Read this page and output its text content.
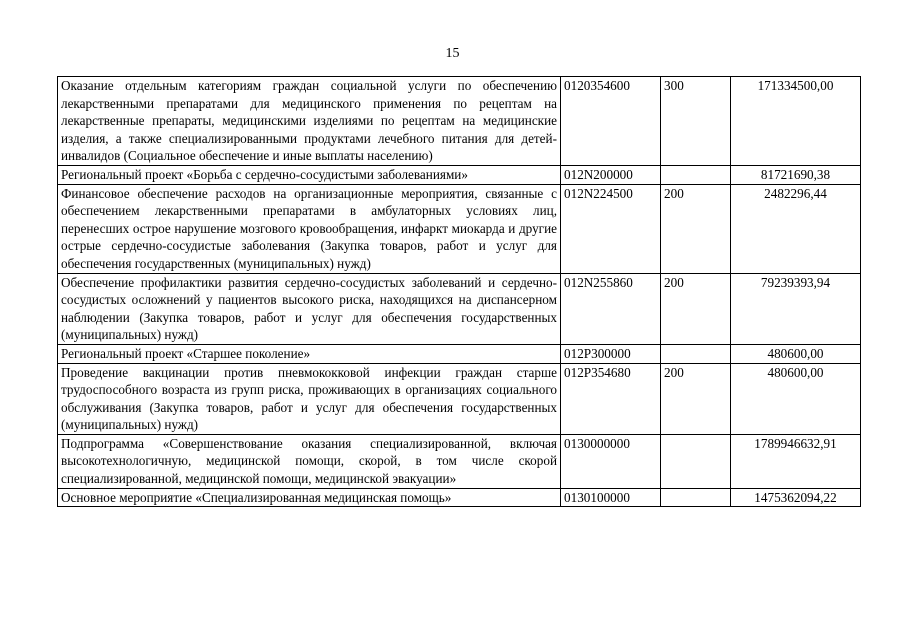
15
Оказание отдельным категориям граждан социальной услуги по обеспечению лекарственными препаратами для медицинского применения по рецептам на лекарственные препараты, медицинскими изделиями по рецептам на медицинские изделия, а также специализированными продуктами лечебного питания для детей-инвалидов (Социальное обеспечение и иные выплаты населению)	0120354600	300	171334500,00
Региональный проект «Борьба с сердечно-сосудистыми заболеваниями»	012N200000		81721690,38
Финансовое обеспечение расходов на организационные мероприятия, связанные с обеспечением лекарственными препаратами в амбулаторных условиях лиц, перенесших острое нарушение мозгового кровообращения, инфаркт миокарда и другие острые сердечно-сосудистые заболевания (Закупка товаров, работ и услуг для обеспечения государственных (муниципальных) нужд)	012N224500	200	2482296,44
Обеспечение профилактики развития сердечно-сосудистых заболеваний и сердечно-сосудистых осложнений у пациентов высокого риска, находящихся на диспансерном наблюдении (Закупка товаров, работ и услуг для обеспечения государственных (муниципальных) нужд)	012N255860	200	79239393,94
Региональный проект «Старшее поколение»	012P300000		480600,00
Проведение вакцинации против пневмококковой инфекции граждан старше трудоспособного возраста из групп риска, проживающих в организациях социального обслуживания (Закупка товаров, работ и услуг для обеспечения государственных (муниципальных) нужд)	012P354680	200	480600,00
Подпрограмма «Совершенствование оказания специализированной, включая высокотехнологичную, медицинской помощи, скорой, в том числе скорой специализированной, медицинской помощи, медицинской эвакуации»	0130000000		1789946632,91
Основное мероприятие «Специализированная медицинская помощь»	0130100000		1475362094,22
